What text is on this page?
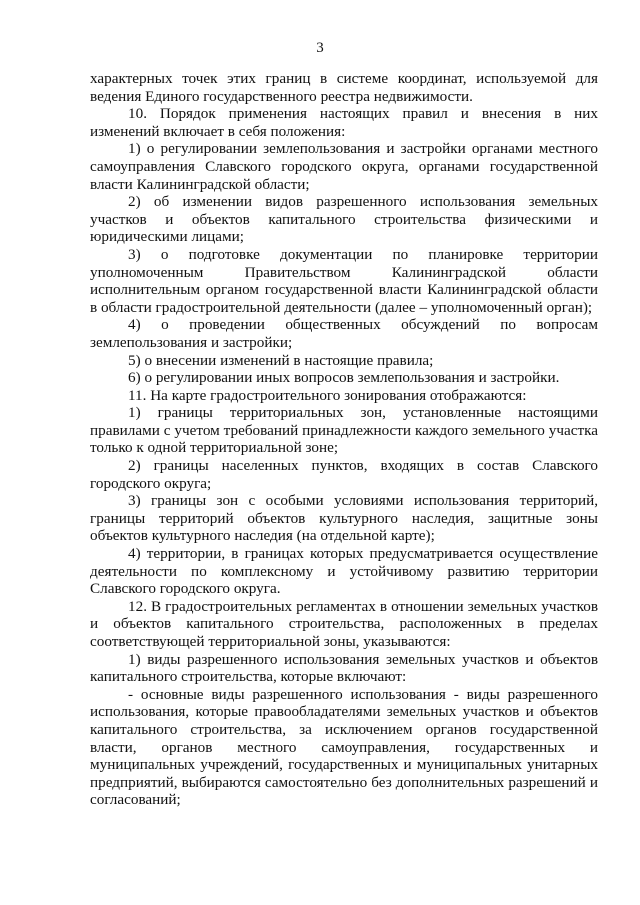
3

характерных точек этих границ в системе координат, используемой для ведения Единого государственного реестра недвижимости.

10. Порядок применения настоящих правил и внесения в них изменений включает в себя положения:

1) о регулировании землепользования и застройки органами местного самоуправления Славского городского округа, органами государственной власти Калининградской области;

2) об изменении видов разрешенного использования земельных участков и объектов капитального строительства физическими и юридическими лицами;

3) о подготовке документации по планировке территории уполномоченным Правительством Калининградской области исполнительным органом государственной власти Калининградской области в области градостроительной деятельности (далее – уполномоченный орган);

4) о проведении общественных обсуждений по вопросам землепользования и застройки;

5) о внесении изменений в настоящие правила;

6) о регулировании иных вопросов землепользования и застройки.

11. На карте градостроительного зонирования отображаются:

1) границы территориальных зон, установленные настоящими правилами с учетом требований принадлежности каждого земельного участка только к одной территориальной зоне;

2) границы населенных пунктов, входящих в состав Славского городского округа;

3) границы зон с особыми условиями использования территорий, границы территорий объектов культурного наследия, защитные зоны объектов культурного наследия (на отдельной карте);

4) территории, в границах которых предусматривается осуществление деятельности по комплексному и устойчивому развитию территории Славского городского округа.

12. В градостроительных регламентах в отношении земельных участков и объектов капитального строительства, расположенных в пределах соответствующей территориальной зоны, указываются:

1) виды разрешенного использования земельных участков и объектов капитального строительства, которые включают:

- основные виды разрешенного использования - виды разрешенного использования, которые правообладателями земельных участков и объектов капитального строительства, за исключением органов государственной власти, органов местного самоуправления, государственных и муниципальных учреждений, государственных и муниципальных унитарных предприятий, выбираются самостоятельно без дополнительных разрешений и согласований;
